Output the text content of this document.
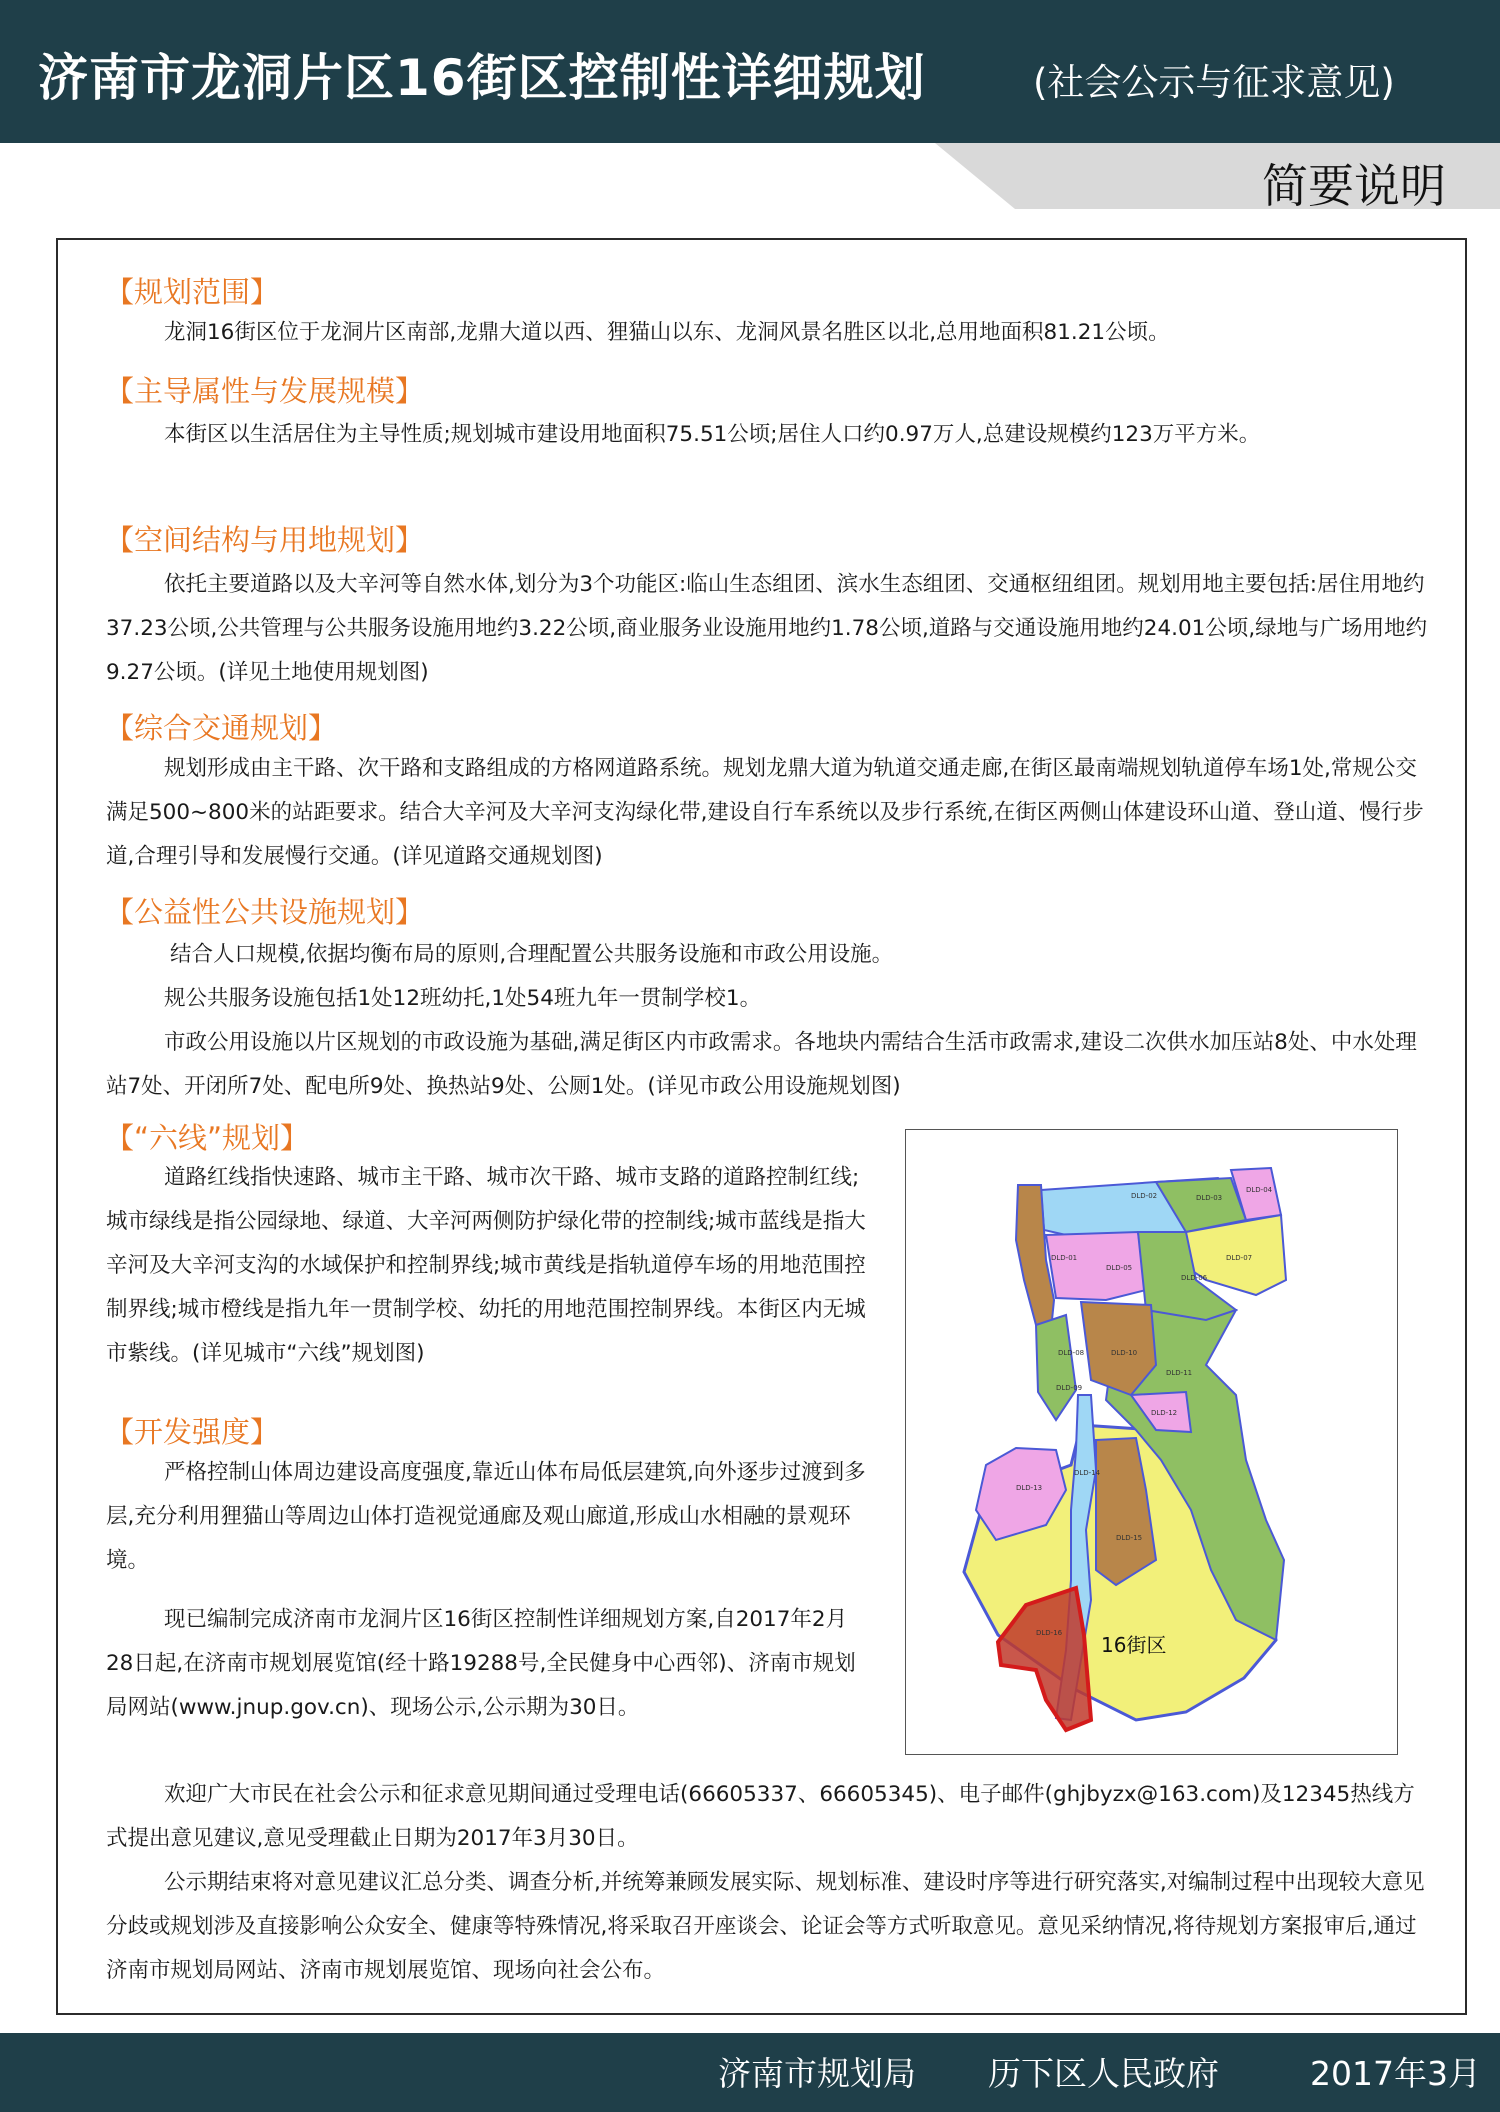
济南市龙洞片区16街区控制性详细规划	(社会公示与征求意见)
简要说明
【规划范围】
龙洞16街区位于龙洞片区南部,龙鼎大道以西、狸猫山以东、龙洞风景名胜区以北,总用地面积81.21公顷。
【主导属性与发展规模】
本街区以生活居住为主导性质;规划城市建设用地面积75.51公顷;居住人口约0.97万人,总建设规模约123万平方米。
【空间结构与用地规划】
依托主要道路以及大辛河等自然水体,划分为3个功能区:临山生态组团、滨水生态组团、交通枢纽组团。规划用地主要包括:居住用地约37.23公顷,公共管理与公共服务设施用地约3.22公顷,商业服务业设施用地约1.78公顷,道路与交通设施用地约24.01公顷,绿地与广场用地约9.27公顷。(详见土地使用规划图)
【综合交通规划】
规划形成由主干路、次干路和支路组成的方格网道路系统。规划龙鼎大道为轨道交通走廊,在街区最南端规划轨道停车场1处,常规公交满足500~800米的站距要求。结合大辛河及大辛河支沟绿化带,建设自行车系统以及步行系统,在街区两侧山体建设环山道、登山道、慢行步道,合理引导和发展慢行交通。(详见道路交通规划图)
【公益性公共设施规划】
结合人口规模,依据均衡布局的原则,合理配置公共服务设施和市政公用设施。
规公共服务设施包括1处12班幼托,1处54班九年一贯制学校1。
市政公用设施以片区规划的市政设施为基础,满足街区内市政需求。各地块内需结合生活市政需求,建设二次供水加压站8处、中水处理站7处、开闭所7处、配电所9处、换热站9处、公厕1处。(详见市政公用设施规划图)
【“六线”规划】
道路红线指快速路、城市主干路、城市次干路、城市支路的道路控制红线;城市绿线是指公园绿地、绿道、大辛河两侧防护绿化带的控制线;城市蓝线是指大辛河及大辛河支沟的水域保护和控制界线;城市黄线是指轨道停车场的用地范围控制界线;城市橙线是指九年一贯制学校、幼托的用地范围控制界线。本街区内无城市紫线。(详见城市“六线”规划图)
【开发强度】
严格控制山体周边建设高度强度,靠近山体布局低层建筑,向外逐步过渡到多层,充分利用狸猫山等周边山体打造视觉通廊及观山廊道,形成山水相融的景观环境。
现已编制完成济南市龙洞片区16街区控制性详细规划方案,自2017年2月28日起,在济南市规划展览馆(经十路19288号,全民健身中心西邻)、济南市规划局网站(www.jnup.gov.cn)、现场公示,公示期为30日。
欢迎广大市民在社会公示和征求意见期间通过受理电话(66605337、66605345)、电子邮件(ghjbyzx@163.com)及12345热线方式提出意见建议,意见受理截止日期为2017年3月30日。
公示期结束将对意见建议汇总分类、调查分析,并统筹兼顾发展实际、规划标准、建设时序等进行研究落实,对编制过程中出现较大意见分歧或规划涉及直接影响公众安全、健康等特殊情况,将采取召开座谈会、论证会等方式听取意见。意见采纳情况,将待规划方案报审后,通过济南市规划局网站、济南市规划展览馆、现场向社会公布。
DLD-02	DLD-03
DLD-04
DLD-01
DLD-05
DLD-06
DLD-07
DLD-08	DLD-10
DLD-11
DLD-09
DLD-12
DLD-13
DLD-14
DLD-15
DLD-16 16街区
济南市规划局 历下区人民政府	2017年3月
